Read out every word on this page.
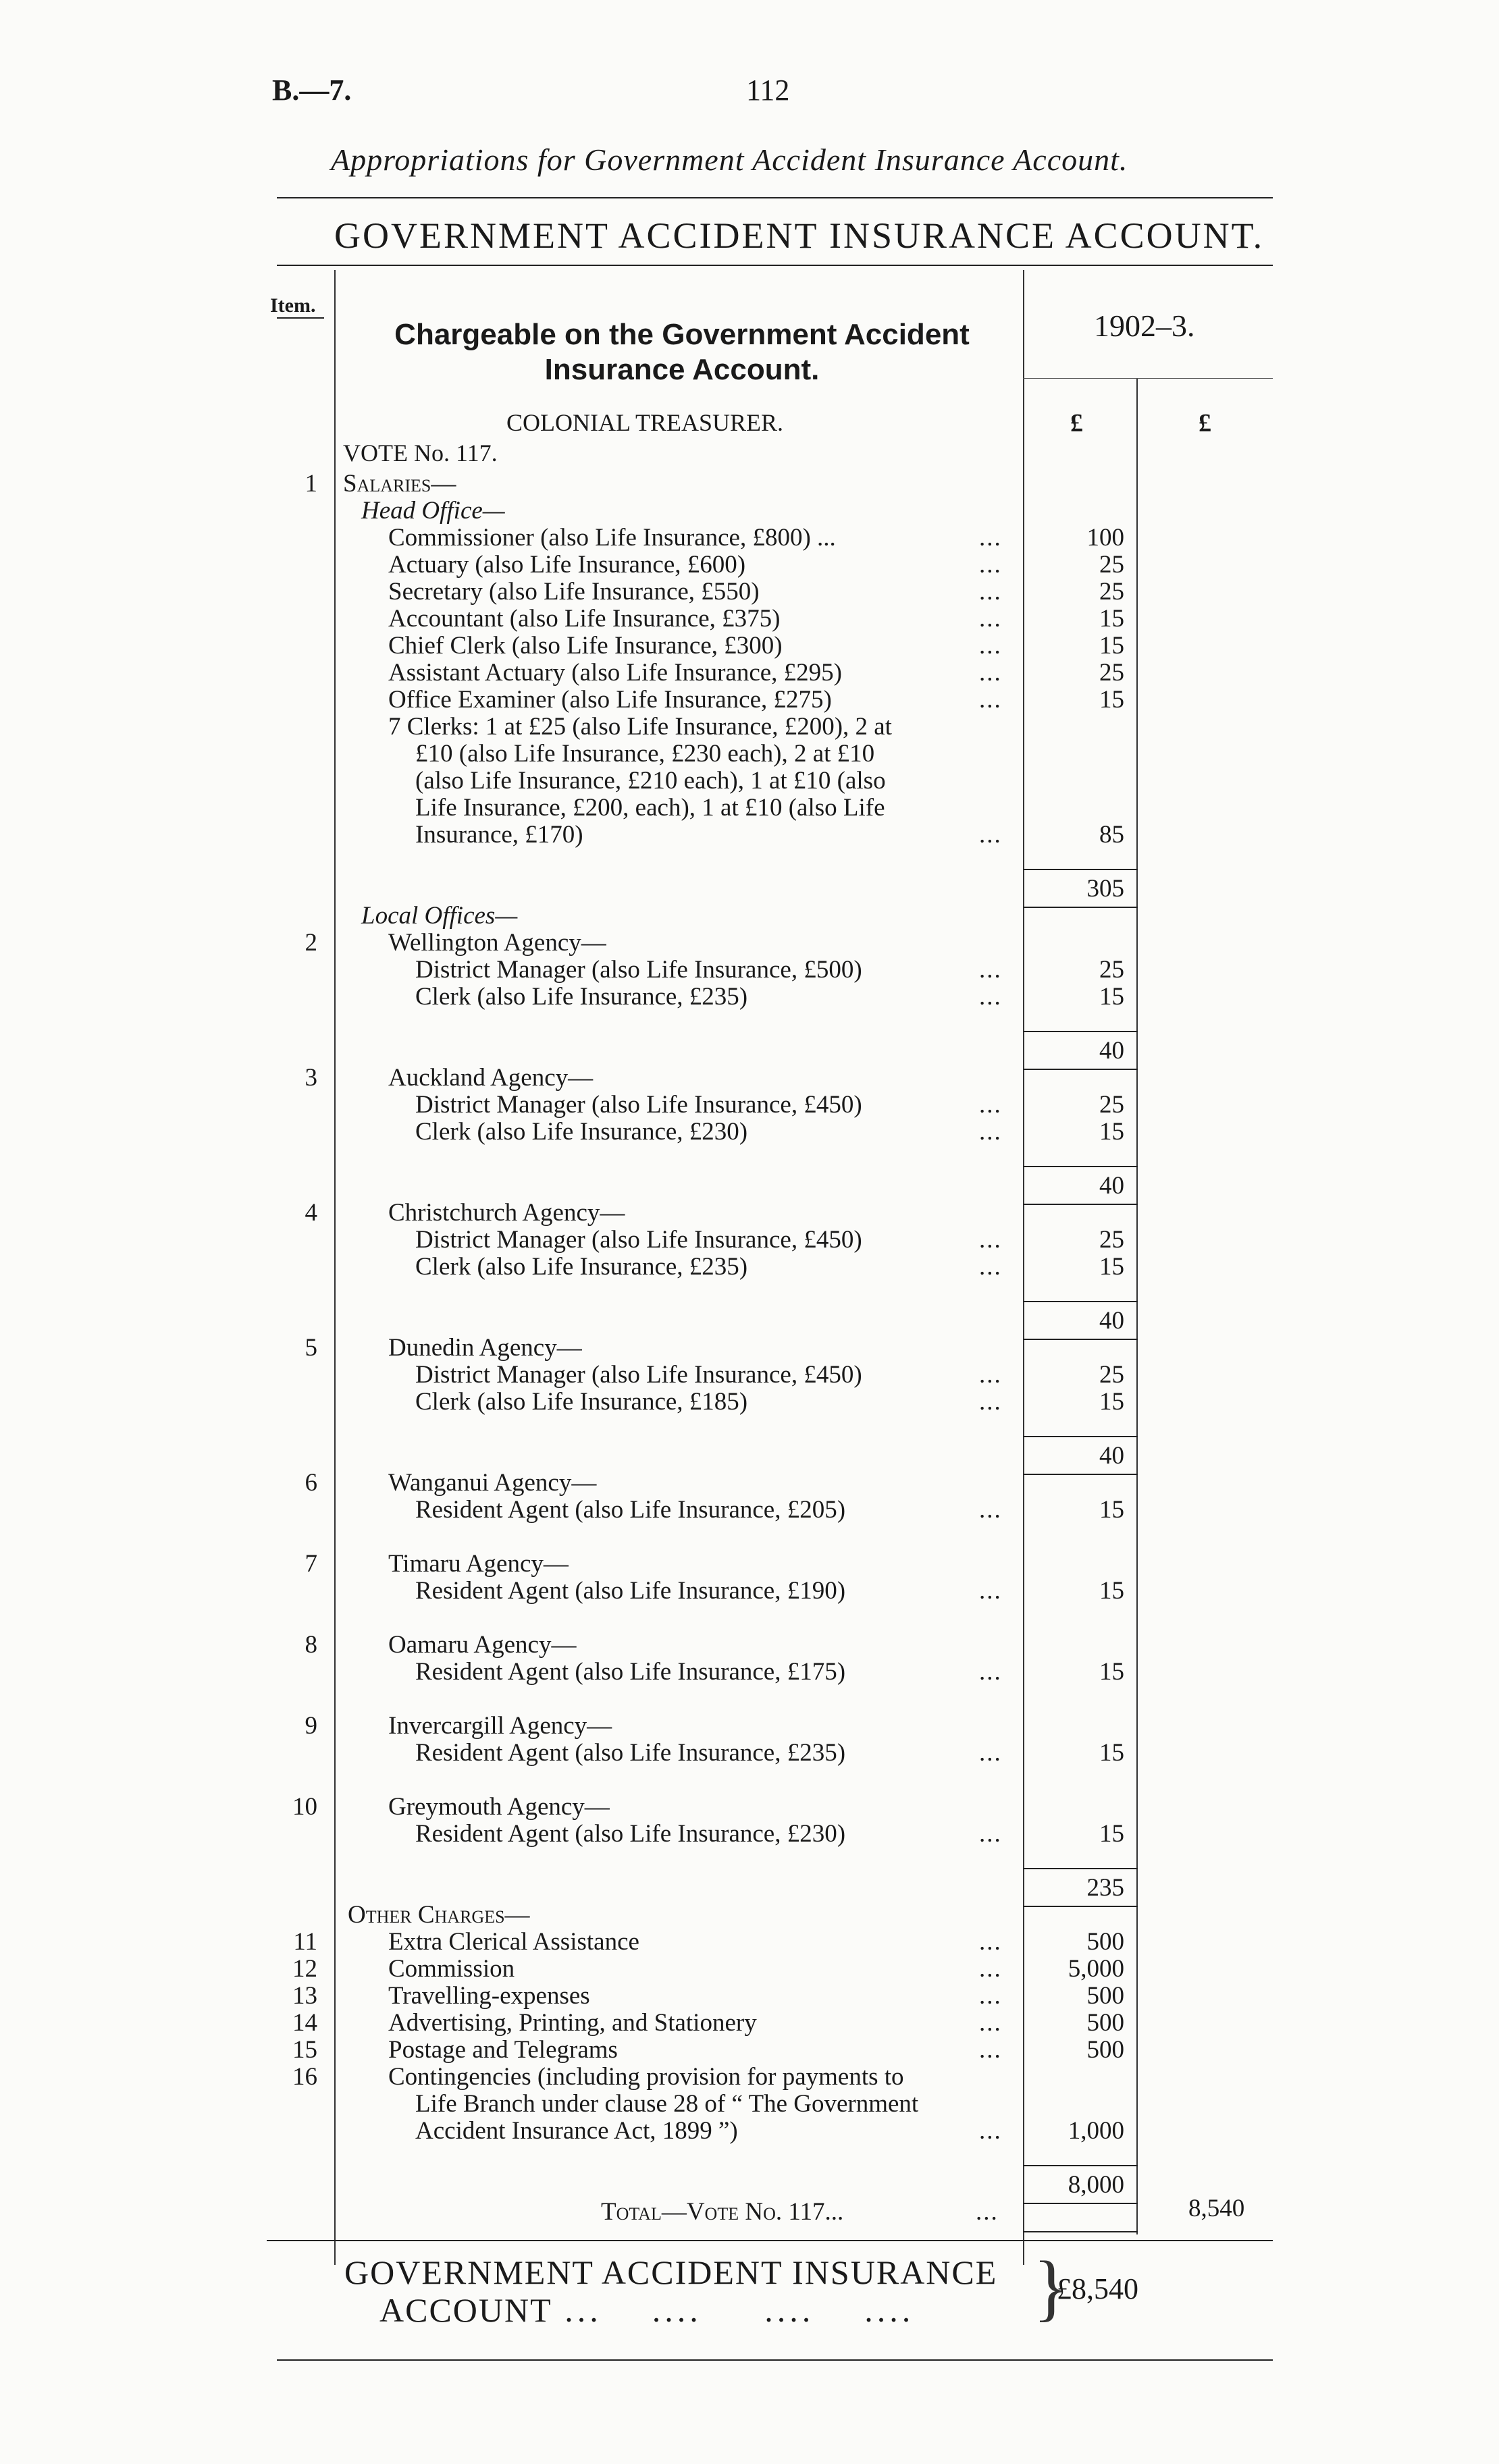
B.—7.	112
Appropriations for Government Accident Insurance Account.
GOVERNMENT ACCIDENT INSURANCE ACCOUNT.
Item.
Chargeable on the Government Accident Insurance Account.
1902–3.
£	£
COLONIAL TREASURER.
VOTE No. 117.
1 Salaries—
Head Office—
Commissioner (also Life Insurance, £800) ...	...	100
Actuary (also Life Insurance, £600)	...	25
Secretary (also Life Insurance, £550)	...	25
Accountant (also Life Insurance, £375)	...	15
Chief Clerk (also Life Insurance, £300)	...	15
Assistant Actuary (also Life Insurance, £295)	...	25
Office Examiner (also Life Insurance, £275)	...	15
7 Clerks: 1 at £25 (also Life Insurance, £200), 2 at
£10 (also Life Insurance, £230 each), 2 at £10
(also Life Insurance, £210 each), 1 at £10 (also
Life Insurance, £200, each), 1 at £10 (also Life
Insurance, £170)	...	85
305
Local Offices—
2	Wellington Agency—
District Manager (also Life Insurance, £500)	...	25
Clerk (also Life Insurance, £235)	...	15
40
3	Auckland Agency—
District Manager (also Life Insurance, £450)	...	25
Clerk (also Life Insurance, £230)	...	15
40
4	Christchurch Agency—
District Manager (also Life Insurance, £450)	...	25
Clerk (also Life Insurance, £235)	...	15
40
5	Dunedin Agency—
District Manager (also Life Insurance, £450)	...	25
Clerk (also Life Insurance, £185)	...	15
40
6	Wanganui Agency—
Resident Agent (also Life Insurance, £205)	...	15
7	Timaru Agency—
Resident Agent (also Life Insurance, £190)	...	15
8	Oamaru Agency—
Resident Agent (also Life Insurance, £175)	...	15
9	Invercargill Agency—
Resident Agent (also Life Insurance, £235)	...	15
10	Greymouth Agency—
Resident Agent (also Life Insurance, £230)	...	15
235
Other Charges—
11	Extra Clerical Assistance	...	500
12	Commission	...	5,000
13	Travelling-expenses	...	500
14	Advertising, Printing, and Stationery	...	500
15	Postage and Telegrams	...	500
16	Contingencies (including provision for payments to
Life Branch under clause 28 of “ The Government
Accident Insurance Act, 1899 ”)	...	1,000
8,000
Total—Vote No. 117...	...	8,540
GOVERNMENT ACCIDENT INSURANCE
ACCOUNT ...    ....     ....    ....	}
£8,540
